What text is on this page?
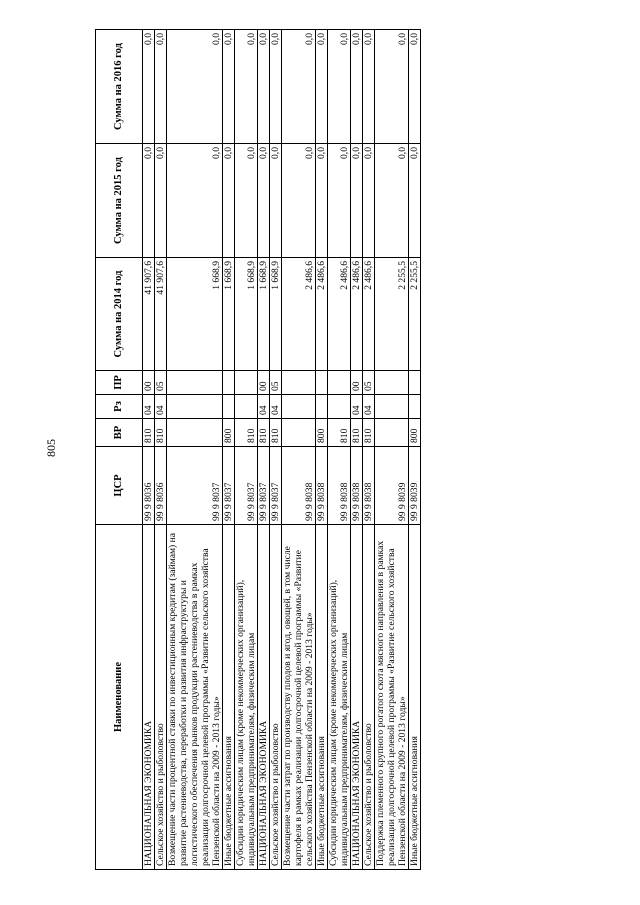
805
Наименование	ЦСР	ВР	Рз	ПР	Сумма на 2014 год	Сумма на 2015 год	Сумма на 2016 год
НАЦИОНАЛЬНАЯ ЭКОНОМИКА	99 9 8036	810	04	00	41 907,6	0,0	0,0
Сельское хозяйство и рыболовство	99 9 8036	810	04	05	41 907,6	0,0	0,0
Возмещение части процентной ставки по инвестиционным кредитам (займам) на развитие растениеводства, переработки и развития инфраструктуры и логистического обеспечения рынков продукции растениеводства в рамках реализации долгосрочной целевой программы «Развитие сельского хозяйства Пензенской области на 2009 - 2013 годы»	99 9 8037				1 668,9	0,0	0,0
Иные бюджетные ассигнования	99 9 8037	800			1 668,9	0,0	0,0
Субсидии юридическим лицам (кроме некоммерческих организаций), индивидуальным предпринимателям, физическим лицам	99 9 8037	810			1 668,9	0,0	0,0
НАЦИОНАЛЬНАЯ ЭКОНОМИКА	99 9 8037	810	04	00	1 668,9	0,0	0,0
Сельское хозяйство и рыболовство	99 9 8037	810	04	05	1 668,9	0,0	0,0
Возмещение части затрат по производству плодов и ягод, овощей, в том числе картофеля в рамках реализации долгосрочной целевой программы «Развитие сельского хозяйства Пензенской области на 2009 - 2013 годы»	99 9 8038				2 486,6	0,0	0,0
Иные бюджетные ассигнования	99 9 8038	800			2 486,6	0,0	0,0
Субсидии юридическим лицам (кроме некоммерческих организаций), индивидуальным предпринимателям, физическим лицам	99 9 8038	810			2 486,6	0,0	0,0
НАЦИОНАЛЬНАЯ ЭКОНОМИКА	99 9 8038	810	04	00	2 486,6	0,0	0,0
Сельское хозяйство и рыболовство	99 9 8038	810	04	05	2 486,6	0,0	0,0
Поддержка племенного крупного рогатого скота мясного направления в рамках реализации долгосрочной целевой программы «Развитие сельского хозяйства Пензенской области на 2009 - 2013 годы»	99 9 8039				2 255,5	0,0	0,0
Иные бюджетные ассигнования	99 9 8039	800			2 255,5	0,0	0,0
